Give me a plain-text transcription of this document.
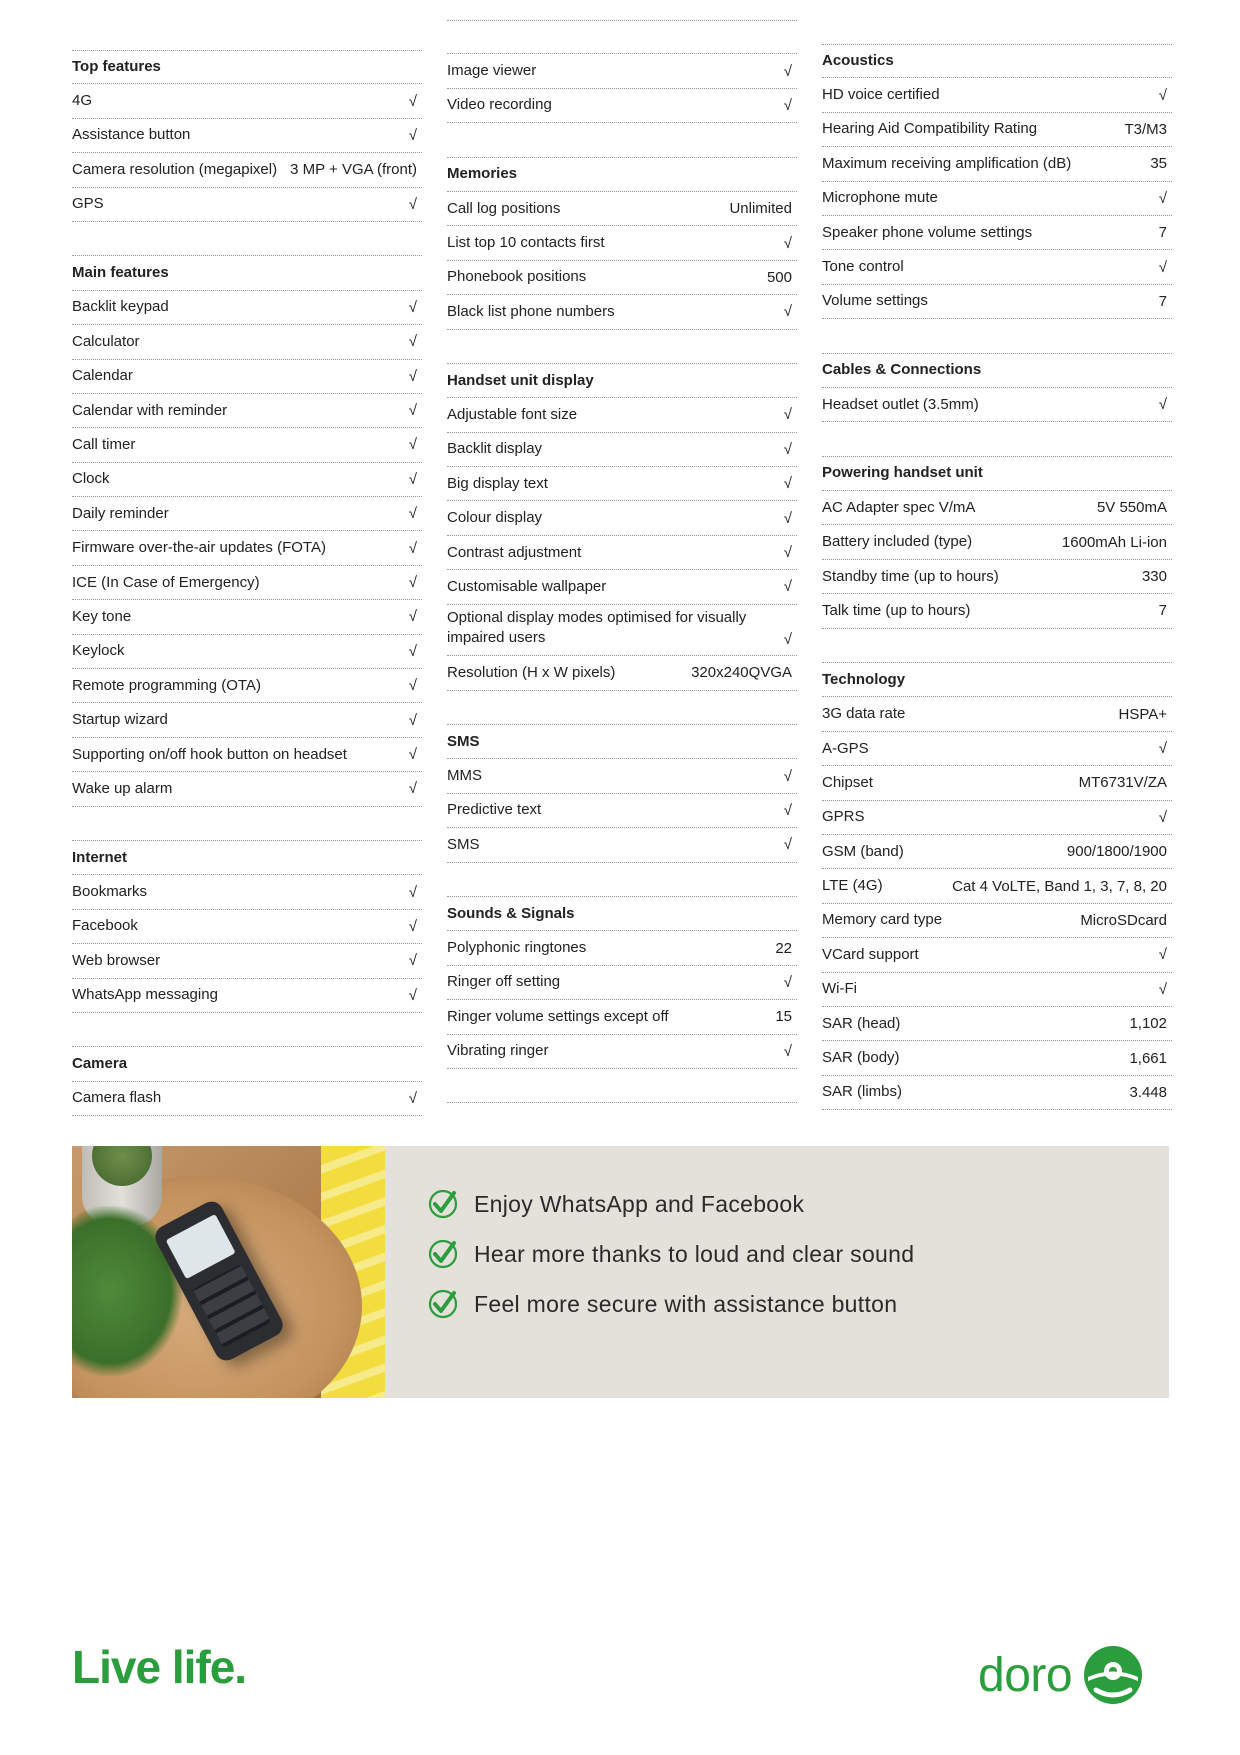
Top features
4G	√
Assistance button	√
Camera resolution (megapixel) 3 MP + VGA (front)
GPS	√
Main features
Backlit keypad	√
Calculator	√
Calendar	√
Calendar with reminder	√
Call timer	√
Clock	√
Daily reminder	√
Firmware over-the-air updates (FOTA)	√
ICE (In Case of Emergency)	√
Key tone	√
Keylock	√
Remote programming (OTA)	√
Startup wizard	√
Supporting on/off hook button on headset	√
Wake up alarm	√
Internet
Bookmarks	√
Facebook	√
Web browser	√
WhatsApp messaging	√
Camera
Camera flash	√
Image viewer	√
Video recording	√
Memories
Call log positions	Unlimited
List top 10 contacts first	√
Phonebook positions	500
Black list phone numbers	√
Handset unit display
Adjustable font size	√
Backlit display	√
Big display text	√
Colour display	√
Contrast adjustment	√
Customisable wallpaper	√
Optional display modes optimised for visually impaired users	√
Resolution (H x W pixels)	320x240QVGA
SMS
MMS	√
Predictive text	√
SMS	√
Sounds & Signals
Polyphonic ringtones	22
Ringer off setting	√
Ringer volume settings except off	15
Vibrating ringer	√
Acoustics
HD voice certified	√
Hearing Aid Compatibility Rating	T3/M3
Maximum receiving amplification (dB)	35
Microphone mute	√
Speaker phone volume settings	7
Tone control	√
Volume settings	7
Cables & Connections
Headset outlet (3.5mm)	√
Powering handset unit
AC Adapter spec V/mA	5V 550mA
Battery included (type)	1600mAh Li-ion
Standby time (up to hours)	330
Talk time (up to hours)	7
Technology
3G data rate	HSPA+
A-GPS	√
Chipset	MT6731V/ZA
GPRS	√
GSM (band)	900/1800/1900
LTE (4G)	Cat 4 VoLTE, Band 1, 3, 7, 8, 20
Memory card type	MicroSDcard
VCard support	√
Wi-Fi	√
SAR (head)	1,102
SAR (body)	1,661
SAR (limbs)	3.448
Enjoy WhatsApp and Facebook
Hear more thanks to loud and clear sound
Feel more secure with assistance button
Live life.	doro
